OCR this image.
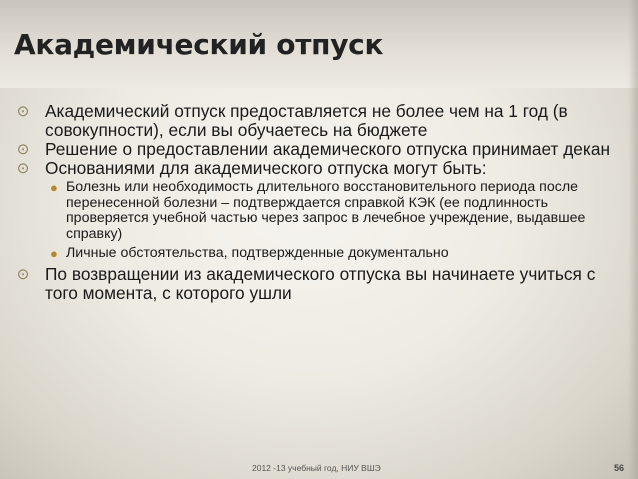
Академический отпуск
⊙ Академический отпуск предоставляется не более чем на 1 год (в совокупности), если вы обучаетесь на бюджете
⊙ Решение о предоставлении академического отпуска принимает декан
⊙ Основаниями для академического отпуска могут быть:
● Болезнь или необходимость длительного восстановительного периода после перенесенной болезни – подтверждается справкой КЭК (ее подлинность проверяется учебной частью через запрос в лечебное учреждение, выдавшее справку)
● Личные обстоятельства, подтвержденные документально
⊙ По возвращении из академического отпуска вы начинаете учиться с того момента, с которого ушли
2012 -13 учебный год, НИУ ВШЭ	56
